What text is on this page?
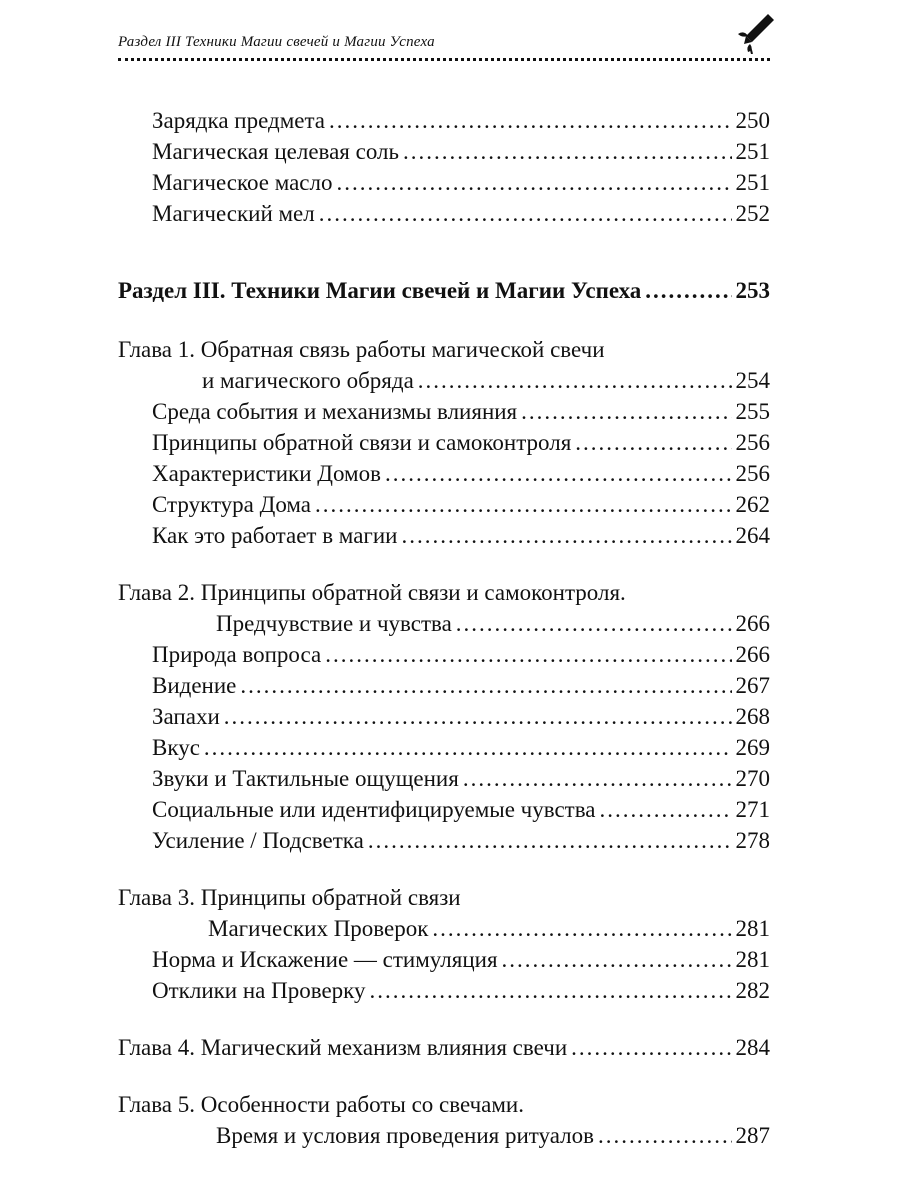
Раздел III Техники Магии свечей и Магии Успеха
Зарядка предмета .....	250
Магическая целевая соль .....	251
Магическое масло .....	251
Магический мел .....	252
Раздел III. Техники Магии свечей и Магии Успеха .....	253
Глава 1. Обратная связь работы магической свечи
и магического обряда .....	254
Среда события и механизмы влияния .....	255
Принципы обратной связи и самоконтроля .....	256
Характеристики Домов .....	256
Структура Дома .....	262
Как это работает в магии .....	264
Глава 2. Принципы обратной связи и самоконтроля.
Предчувствие и чувства .....	266
Природа вопроса .....	266
Видение .....	267
Запахи .....	268
Вкус .....	269
Звуки и Тактильные ощущения .....	270
Социальные или идентифицируемые чувства .....	271
Усиление / Подсветка .....	278
Глава 3. Принципы обратной связи
Магических Проверок .....	281
Норма и Искажение — стимуляция .....	281
Отклики на Проверку .....	282
Глава 4. Магический механизм влияния свечи .....	284
Глава 5. Особенности работы со свечами.
Время и условия проведения ритуалов .....	287
